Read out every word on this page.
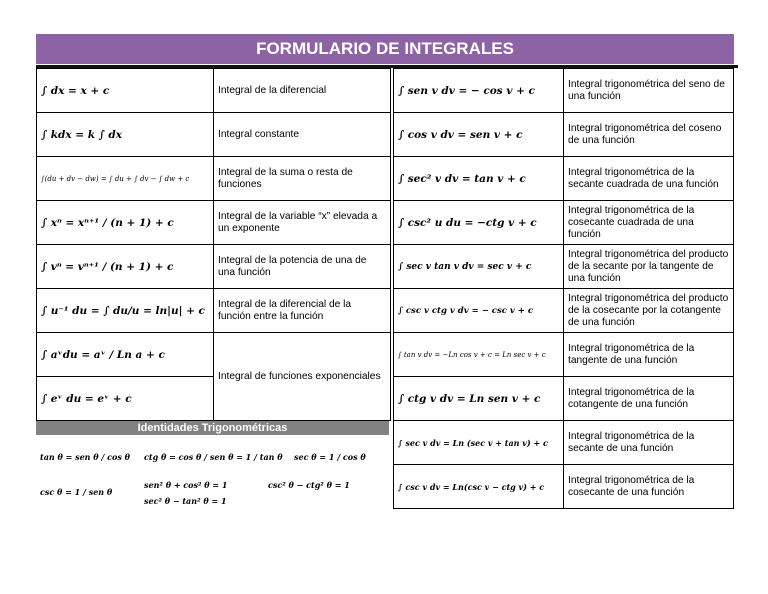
FORMULARIO DE INTEGRALES
∫ dx = x + c	Integral de la diferencial
∫ kdx = k ∫ dx	Integral constante
∫(du + dv − dw) = ∫ du + ∫ dv − ∫ dw + c	Integral de la suma o resta de funciones
∫ xⁿ = xⁿ⁺¹ / (n + 1) + c	Integral de la variable “x” elevada a un exponente
∫ vⁿ = vⁿ⁺¹ / (n + 1) + c	Integral de la potencia de una de una función
∫ u⁻¹ du = ∫ du/u = ln|u| + c	Integral de la diferencial de la función entre la función
∫ aᵛdu = aᵛ / Ln a + c	Integral de funciones exponenciales
∫ eᵛ du = eᵛ + c	
Identidades Trigonométricas
tan θ = sen θ / cos θ ctg θ = cos θ / sen θ = 1 / tan θ sec θ = 1 / cos θ
csc θ = 1 / sen θ
sen² θ + cos² θ = 1
sec² θ − tan² θ = 1
csc² θ − ctg² θ = 1
∫ sen v dv = − cos v + c	Integral trigonométrica del seno de una función
∫ cos v dv = sen v + c	Integral trigonométrica del coseno de una función
∫ sec² v dv = tan v + c	Integral trigonométrica de la secante cuadrada de una función
∫ csc² u du = −ctg v + c	Integral trigonométrica de la cosecante cuadrada de una función
∫ sec v tan v dv = sec v + c	Integral trigonométrica del producto de la secante por la tangente de una función
∫ csc v ctg v dv = − csc v + c	Integral trigonométrica del producto de la cosecante por la cotangente de una función
∫ tan v dv = −Ln cos v + c = Ln sec v + c	Integral trigonométrica de la tangente de una función
∫ ctg v dv = Ln sen v + c	Integral trigonométrica de la cotangente de una función
∫ sec v dv = Ln (sec v + tan v) + c	Integral trigonométrica de la secante de una función
∫ csc v dv = Ln(csc v − ctg v) + c	Integral trigonométrica de la cosecante de una función
